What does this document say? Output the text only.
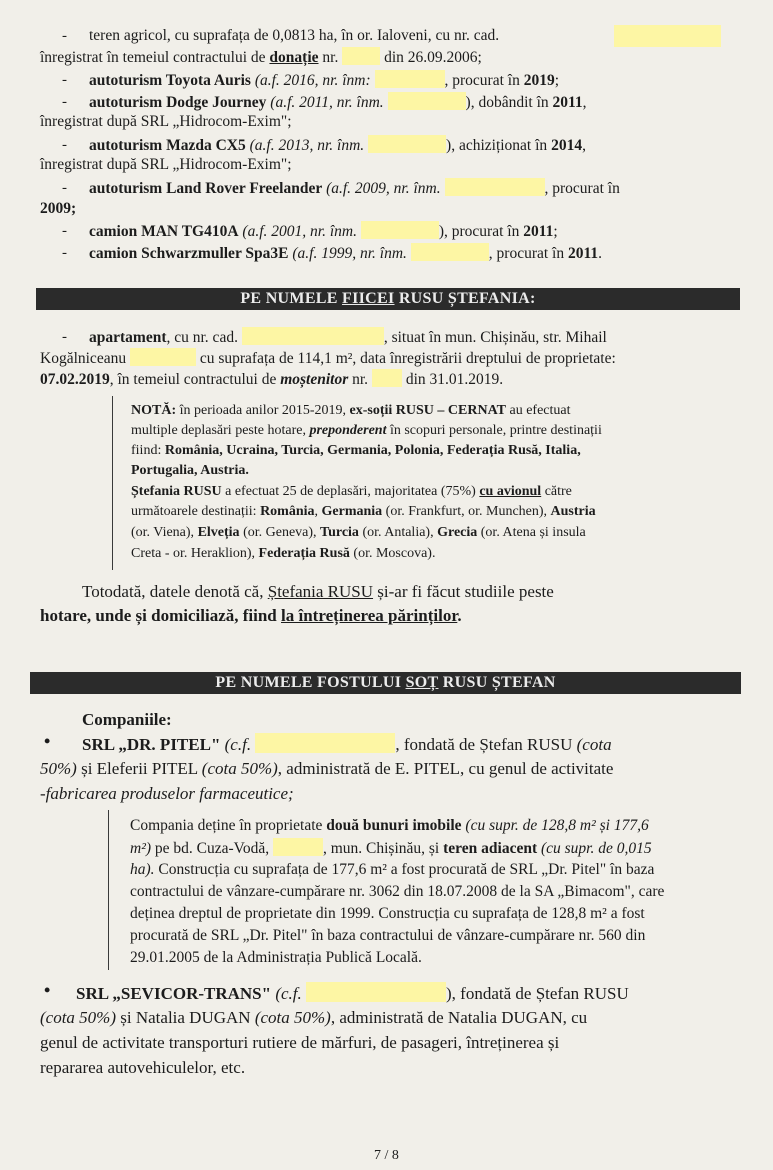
- teren agricol, cu suprafața de 0,0813 ha, în or. Ialoveni, cu nr. cad.
înregistrat în temeiul contractului de donație nr.  din 26.09.2006;
- autoturism Toyota Auris (a.f. 2016, nr. înm:	, procurat în 2019;
- autoturism Dodge Journey (a.f. 2011, nr. înm.	), dobândit în 2011,
înregistrat după SRL „Hidrocom-Exim";
- autoturism Mazda CX5 (a.f. 2013, nr. înm.	), achiziționat în 2014,
înregistrat după SRL „Hidrocom-Exim";
- autoturism Land Rover Freelander (a.f. 2009, nr. înm.	, procurat în
2009;
- camion MAN TG410A (a.f. 2001, nr. înm.	), procurat în 2011;
- camion Schwarzmuller Spa3E (a.f. 1999, nr. înm.	, procurat în 2011.
PE NUMELE FIICEI RUSU ȘTEFANIA:
- apartament, cu nr. cad.	, situat în mun. Chișinău, str. Mihail
Kogălniceanu	cu suprafața de 114,1 m², data înregistrării dreptului de proprietate:
07.02.2019, în temeiul contractului de moștenitor nr.  din 31.01.2019.
NOTĂ: în perioada anilor 2015-2019, ex-soții RUSU – CERNAT au efectuat
multiple deplasări peste hotare, preponderent în scopuri personale, printre destinații
fiind: România, Ucraina, Turcia, Germania, Polonia, Federația Rusă, Italia,
Portugalia, Austria.
Ștefania RUSU a efectuat 25 de deplasări, majoritatea (75%) cu avionul către
următoarele destinații: România, Germania (or. Frankfurt, or. Munchen), Austria
(or. Viena), Elveția (or. Geneva), Turcia (or. Antalia), Grecia (or. Atena și insula
Creta - or. Heraklion), Federația Rusă (or. Moscova).
Totodată, datele denotă că, Ștefania RUSU și-ar fi făcut studiile peste
hotare, unde și domiciliază, fiind la întreținerea părinților.
PE NUMELE FOSTULUI SOȚ RUSU ȘTEFAN
Companiile:
• SRL „DR. PITEL" (c.f.	, fondată de Ștefan RUSU (cota
50%) și Eleferii PITEL (cota 50%), administrată de E. PITEL, cu genul de activitate
-fabricarea produselor farmaceutice;
Compania deține în proprietate două bunuri imobile (cu supr. de 128,8 m² și 177,6
m²) pe bd. Cuza-Vodă,	, mun. Chișinău, și teren adiacent (cu supr. de 0,015
ha). Construcția cu suprafața de 177,6 m² a fost procurată de SRL „Dr. Pitel" în baza
contractului de vânzare-cumpărare nr. 3062 din 18.07.2008 de la SA „Bimacom", care
deținea dreptul de proprietate din 1999. Construcția cu suprafața de 128,8 m² a fost
procurată de SRL „Dr. Pitel" în baza contractului de vânzare-cumpărare nr. 560 din
29.01.2005 de la Administrația Publică Locală.
• SRL „SEVICOR-TRANS" (c.f.	), fondată de Ștefan RUSU
(cota 50%) și Natalia DUGAN (cota 50%), administrată de Natalia DUGAN, cu
genul de activitate transporturi rutiere de mărfuri, de pasageri, întreținerea și
repararea autovehiculelor, etc.
7 / 8
